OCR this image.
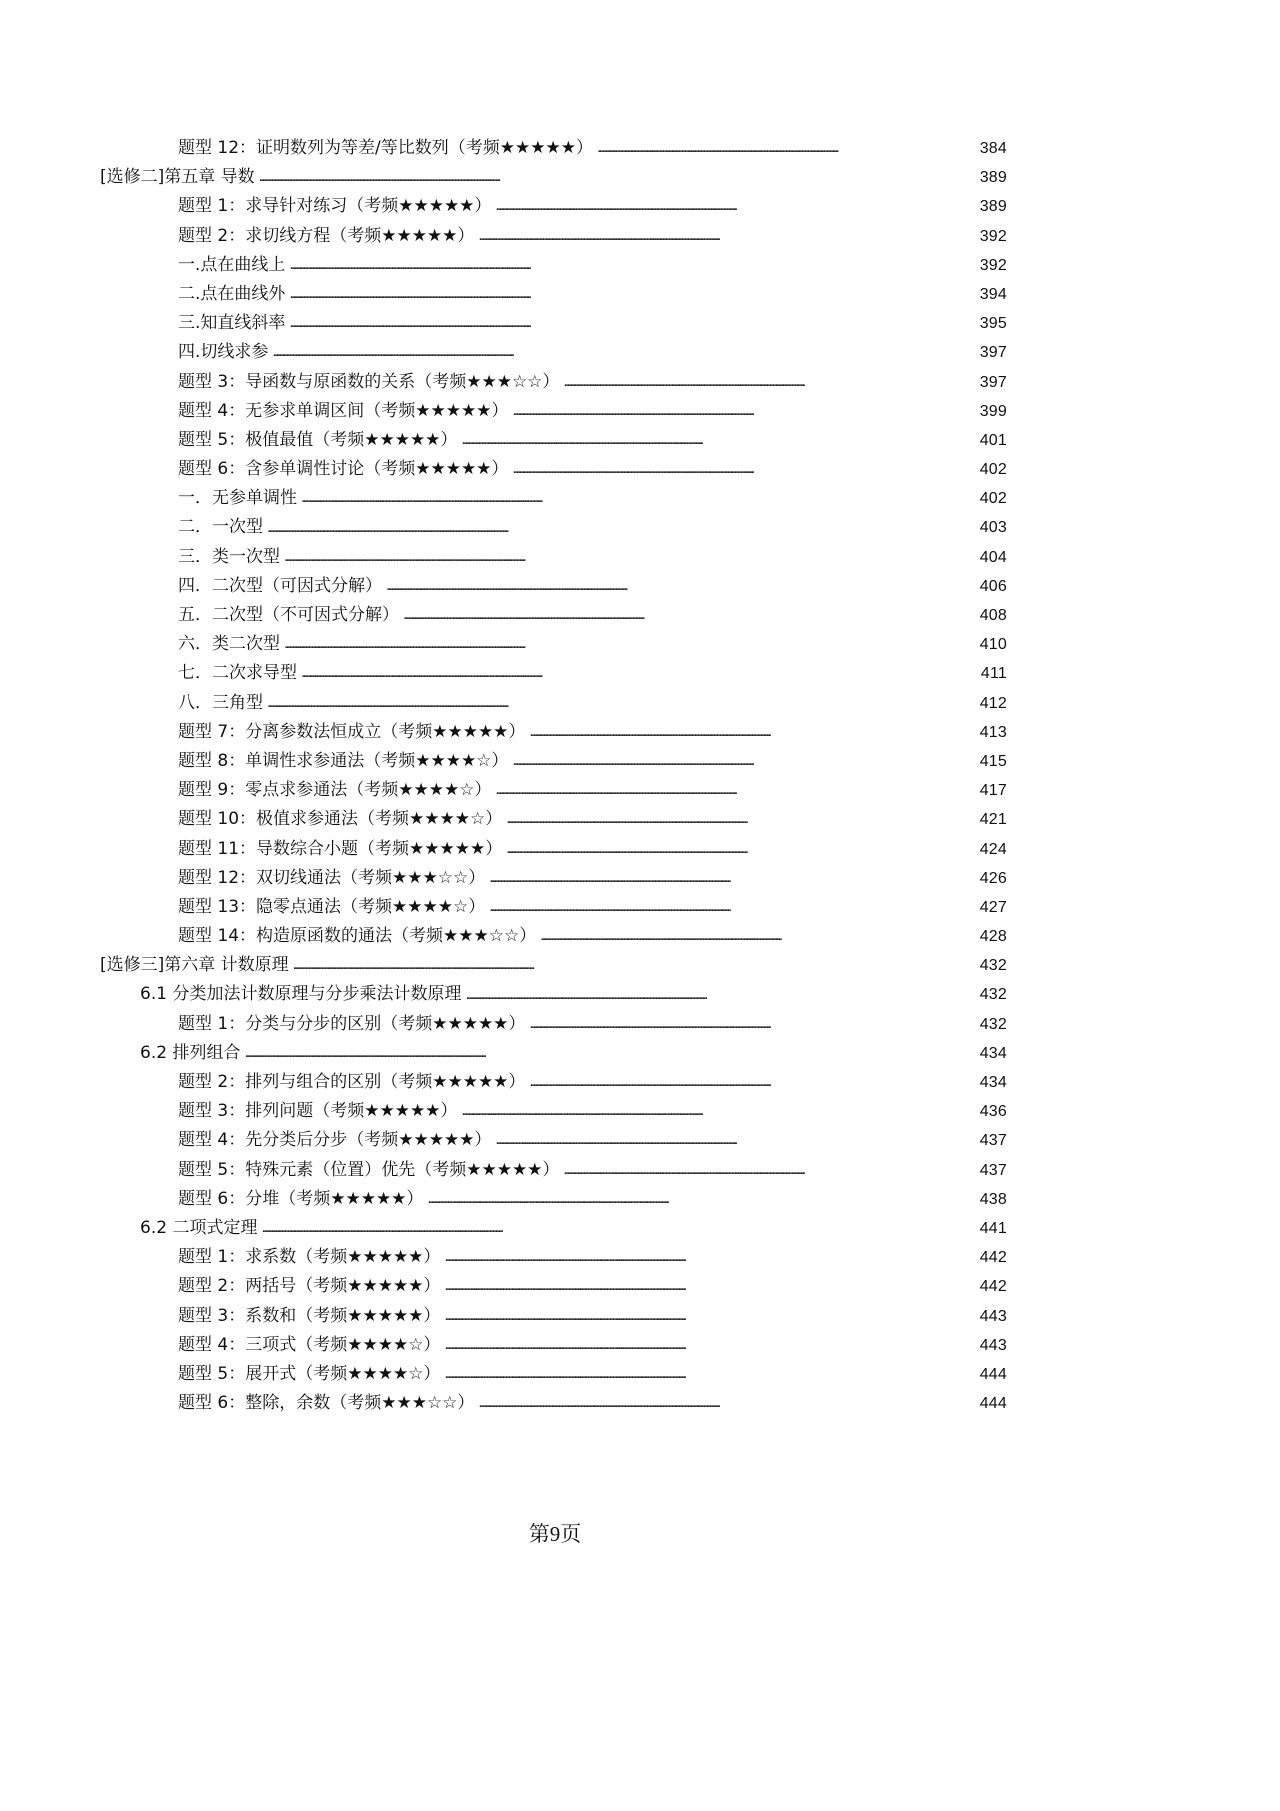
题型 12：证明数列为等差/等比数列（考频★★★★★） . . .	384
[选修二]第五章 导数 . . .	389
题型 1：求导针对练习（考频★★★★★） . . .	389
题型 2：求切线方程（考频★★★★★） . . .	392
一.点在曲线上 . . .	392
二.点在曲线外 . . .	394
三.知直线斜率 . . .	395
四.切线求参 . . .	397
题型 3：导函数与原函数的关系（考频★★★☆☆） . . .	397
题型 4：无参求单调区间（考频★★★★★） . . .	399
题型 5：极值最值（考频★★★★★） . . .	401
题型 6：含参单调性讨论（考频★★★★★） . . .	402
一．无参单调性 . . .	402
二．一次型 . . .	403
三．类一次型 . . .	404
四．二次型（可因式分解） . . .	406
五．二次型（不可因式分解） . . .	408
六．类二次型 . . .	410
七．二次求导型 . . .	411
八．三角型 . . .	412
题型 7：分离参数法恒成立（考频★★★★★） . . .	413
题型 8：单调性求参通法（考频★★★★☆） . . .	415
题型 9：零点求参通法（考频★★★★☆） . . .	417
题型 10：极值求参通法（考频★★★★☆） . . .	421
题型 11：导数综合小题（考频★★★★★） . . .	424
题型 12：双切线通法（考频★★★☆☆） . . .	426
题型 13：隐零点通法（考频★★★★☆） . . .	427
题型 14：构造原函数的通法（考频★★★☆☆） . . .	428
[选修三]第六章 计数原理 . . .	432
6.1 分类加法计数原理与分步乘法计数原理 . . .	432
题型 1：分类与分步的区别（考频★★★★★） . . .	432
6.2 排列组合 . . .	434
题型 2：排列与组合的区别（考频★★★★★） . . .	434
题型 3：排列问题（考频★★★★★） . . .	436
题型 4：先分类后分步（考频★★★★★） . . .	437
题型 5：特殊元素（位置）优先（考频★★★★★） . . .	437
题型 6：分堆（考频★★★★★） . . .	438
6.2 二项式定理 . . .	441
题型 1：求系数（考频★★★★★） . . .	442
题型 2：两括号（考频★★★★★） . . .	442
题型 3：系数和（考频★★★★★） . . .	443
题型 4：三项式（考频★★★★☆） . . .	443
题型 5：展开式（考频★★★★☆） . . .	444
题型 6：整除，余数（考频★★★☆☆） . . .	444
第9页
